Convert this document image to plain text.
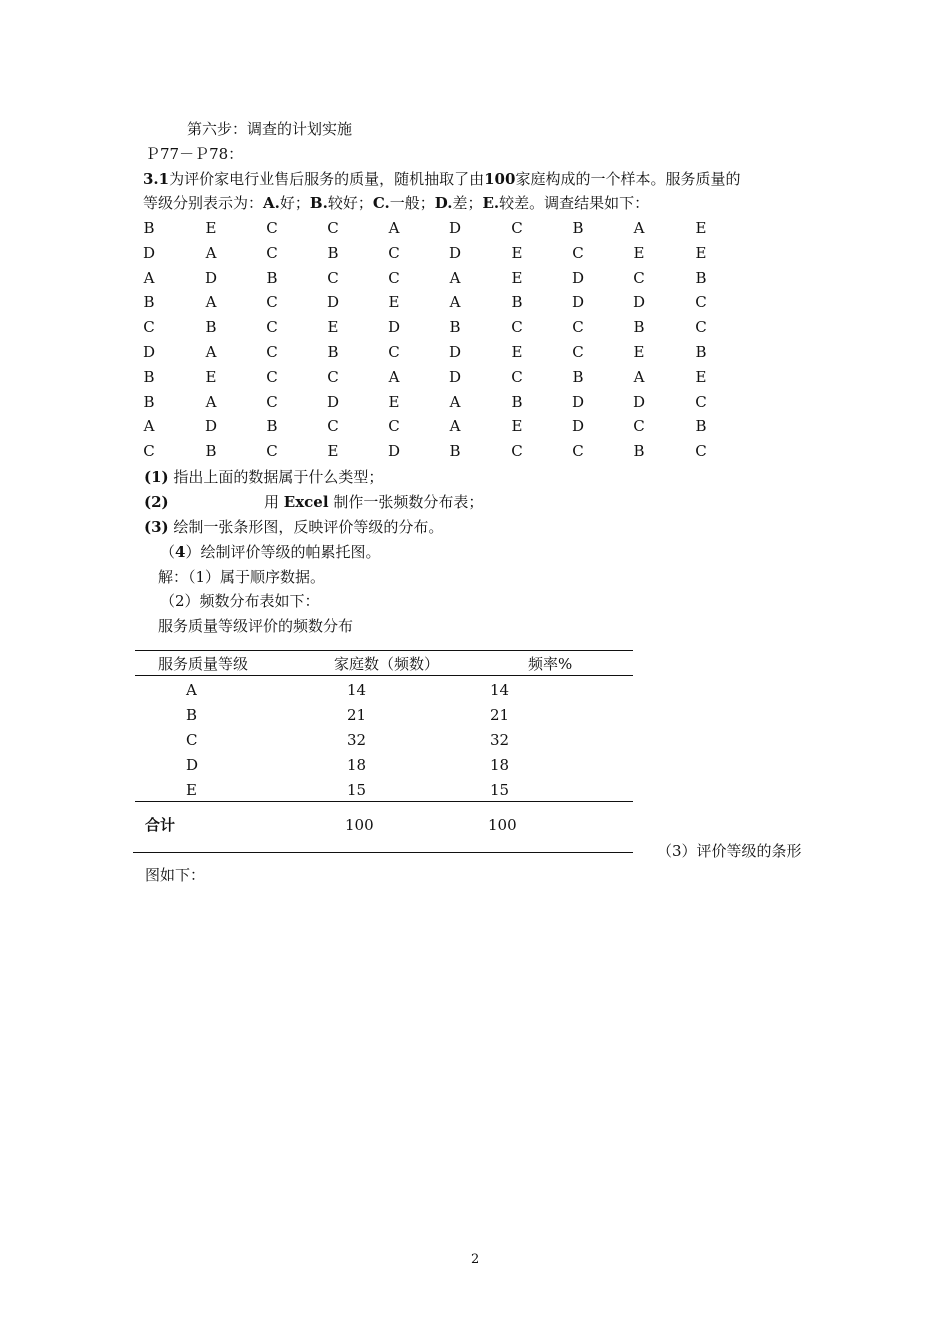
第六步：调查的计划实施
Ｐ77－Ｐ78：
3.1为评价家电行业售后服务的质量，随机抽取了由100家庭构成的一个样本。服务质量的
等级分别表示为：A.好；B.较好；C.一般；D.差；E.较差。调查结果如下：
B	E	C	C	A	D	C	B	A	E
D	A	C	B	C	D	E	C	E	E
A	D	B	C	C	A	E	D	C	B
B	A	C	D	E	A	B	D	D	C
C	B	C	E	D	B	C	C	B	C
D	A	C	B	C	D	E	C	E	B
B	E	C	C	A	D	C	B	A	E
B	A	C	D	E	A	B	D	D	C
A	D	B	C	C	A	E	D	C	B
C	B	C	E	D	B	C	C	B	C
(1) 指出上面的数据属于什么类型；
(2)	用 Excel 制作一张频数分布表；
(3) 绘制一张条形图，反映评价等级的分布。
（4）绘制评价等级的帕累托图。
解：（1）属于顺序数据。
（2）频数分布表如下：
服务质量等级评价的频数分布
服务质量等级	家庭数（频数）	频率%
A	14	14
B	21	21
C	32	32
D	18	18
E	15	15
合计	100	100
（3）评价等级的条形
图如下：
2
